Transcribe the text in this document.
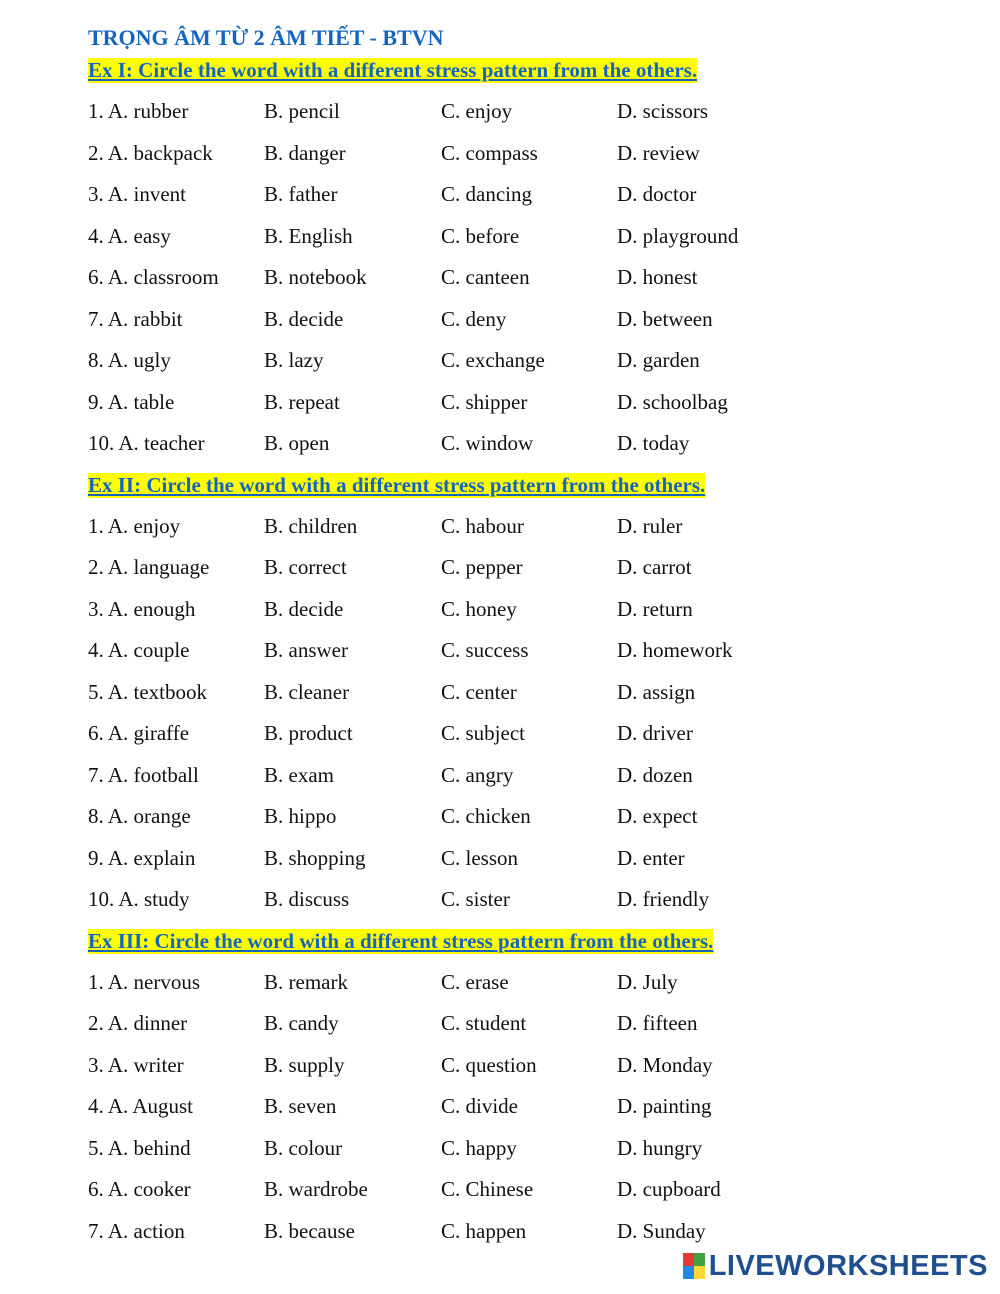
TRỌNG ÂM TỪ 2 ÂM TIẾT - BTVN
Ex I: Circle the word with a different stress pattern from the others.
1. A. rubber	B. pencil	C. enjoy	D. scissors
2. A. backpack	B. danger	C. compass	D. review
3. A. invent	B. father	C. dancing	D. doctor
4. A. easy	B. English	C. before	D. playground
6. A. classroom	B. notebook	C. canteen	D. honest
7. A. rabbit	B. decide	C. deny	D. between
8. A. ugly	B. lazy	C. exchange	D. garden
9. A. table	B. repeat	C. shipper	D. schoolbag
10. A. teacher	B. open	C. window	D. today
Ex II: Circle the word with a different stress pattern from the others.
1. A. enjoy	B. children	C. habour	D. ruler
2. A. language	B. correct	C. pepper	D. carrot
3. A. enough	B. decide	C. honey	D. return
4. A. couple	B. answer	C. success	D. homework
5. A. textbook	B. cleaner	C. center	D. assign
6. A. giraffe	B. product	C. subject	D. driver
7. A. football	B. exam	C. angry	D. dozen
8. A. orange	B. hippo	C. chicken	D. expect
9. A. explain	B. shopping	C. lesson	D. enter
10. A. study	B. discuss	C. sister	D. friendly
Ex III: Circle the word with a different stress pattern from the others.
1. A. nervous	B. remark	C. erase	D. July
2. A. dinner	B. candy	C. student	D. fifteen
3. A. writer	B. supply	C. question	D. Monday
4. A. August	B. seven	C. divide	D. painting
5. A. behind	B. colour	C. happy	D. hungry
6. A. cooker	B. wardrobe	C. Chinese	D. cupboard
7. A. action	B. because	C. happen	D. Sunday
LIVEWORKSHEETS
